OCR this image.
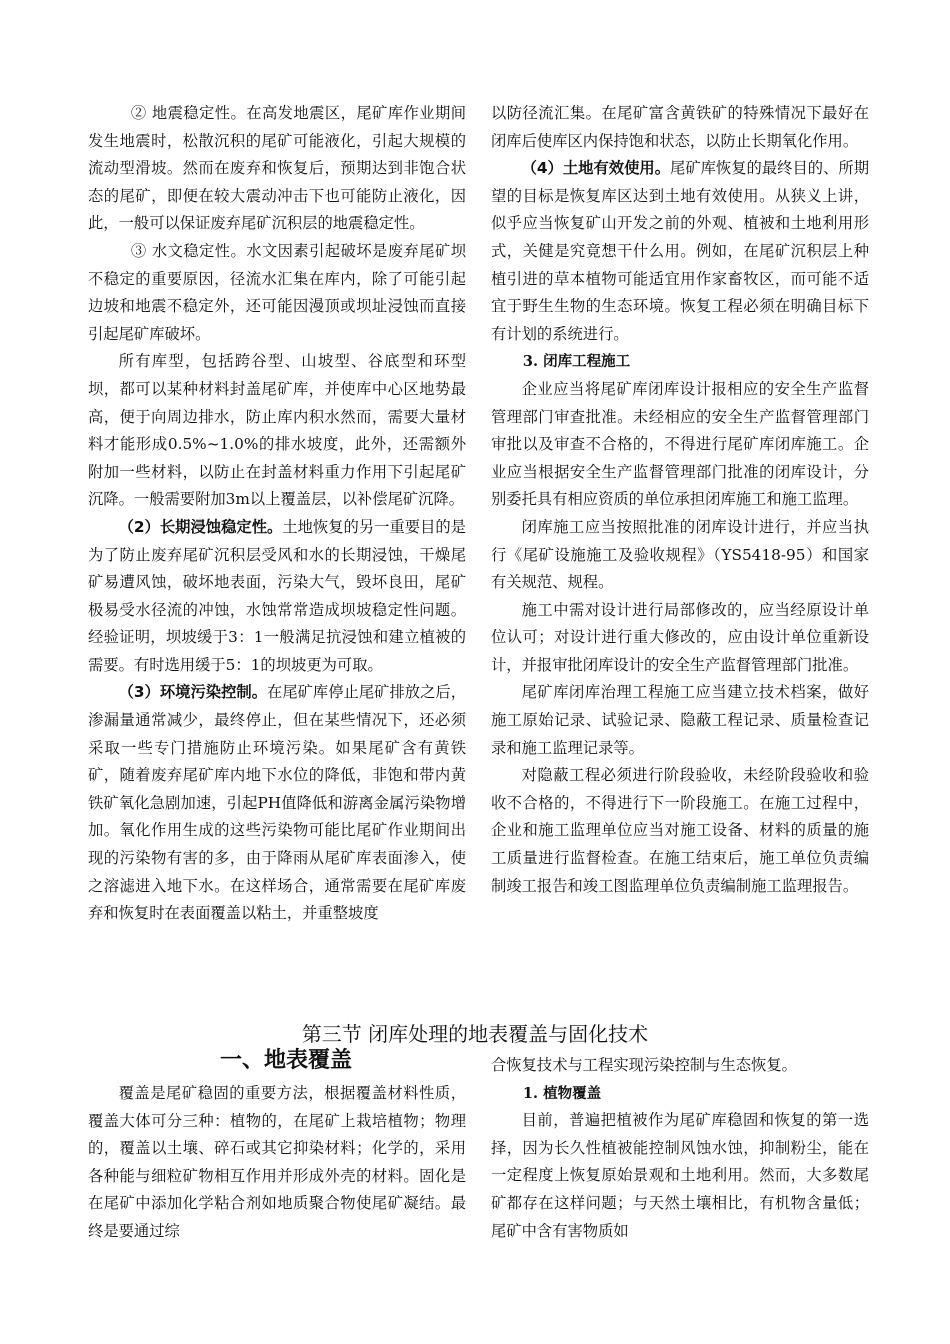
② 地震稳定性。在高发地震区，尾矿库作业期间发生地震时，松散沉积的尾矿可能液化，引起大规模的流动型滑坡。然而在废弃和恢复后，预期达到非饱合状态的尾矿，即便在较大震动冲击下也可能防止液化，因此，一般可以保证废弃尾矿沉积层的地震稳定性。

③ 水文稳定性。水文因素引起破坏是废弃尾矿坝不稳定的重要原因，径流水汇集在库内，除了可能引起边坡和地震不稳定外，还可能因漫顶或坝址浸蚀而直接引起尾矿库破坏。

所有库型，包括跨谷型、山坡型、谷底型和环型坝，都可以某种材料封盖尾矿库，并使库中心区地势最高，便于向周边排水，防止库内积水然而，需要大量材料才能形成0.5%~1.0%的排水坡度，此外，还需额外附加一些材料，以防止在封盖材料重力作用下引起尾矿沉降。一般需要附加3m以上覆盖层，以补偿尾矿沉降。

（2）长期浸蚀稳定性。土地恢复的另一重要目的是为了防止废弃尾矿沉积层受风和水的长期浸蚀，干燥尾矿易遭风蚀，破坏地表面，污染大气，毁坏良田，尾矿极易受水径流的冲蚀，水蚀常常造成坝坡稳定性问题。经验证明，坝坡缓于3：1一般满足抗浸蚀和建立植被的需要。有时选用缓于5：1的坝坡更为可取。

（3）环境污染控制。在尾矿库停止尾矿排放之后，渗漏量通常减少，最终停止，但在某些情况下，还必须采取一些专门措施防止环境污染。如果尾矿含有黄铁矿，随着废弃尾矿库内地下水位的降低，非饱和带内黄铁矿氧化急剧加速，引起PH值降低和游离金属污染物增加。氧化作用生成的这些污染物可能比尾矿作业期间出现的污染物有害的多，由于降雨从尾矿库表面渗入，使之溶滤进入地下水。在这样场合，通常需要在尾矿库废弃和恢复时在表面覆盖以粘土，并重整坡度

以防径流汇集。在尾矿富含黄铁矿的特殊情况下最好在闭库后使库区内保持饱和状态，以防止长期氧化作用。

（4）土地有效使用。尾矿库恢复的最终目的、所期望的目标是恢复库区达到土地有效使用。从狭义上讲，似乎应当恢复矿山开发之前的外观、植被和土地利用形式，关健是究竟想干什么用。例如，在尾矿沉积层上种植引进的草本植物可能适宜用作家畜牧区，而可能不适宜于野生生物的生态环境。恢复工程必须在明确目标下有计划的系统进行。

3. 闭库工程施工

企业应当将尾矿库闭库设计报相应的安全生产监督管理部门审查批准。未经相应的安全生产监督管理部门审批以及审查不合格的，不得进行尾矿库闭库施工。企业应当根据安全生产监督管理部门批准的闭库设计，分别委托具有相应资质的单位承担闭库施工和施工监理。

闭库施工应当按照批准的闭库设计进行，并应当执行《尾矿设施施工及验收规程》（YS5418-95）和国家有关规范、规程。

施工中需对设计进行局部修改的，应当经原设计单位认可；对设计进行重大修改的，应由设计单位重新设计，并报审批闭库设计的安全生产监督管理部门批准。

尾矿库闭库治理工程施工应当建立技术档案，做好施工原始记录、试验记录、隐蔽工程记录、质量检查记录和施工监理记录等。

对隐蔽工程必须进行阶段验收，未经阶段验收和验收不合格的，不得进行下一阶段施工。在施工过程中，企业和施工监理单位应当对施工设备、材料的质量的施工质量进行监督检查。在施工结束后，施工单位负责编制竣工报告和竣工图监理单位负责编制施工监理报告。

第三节 闭库处理的地表覆盖与固化技术

一、地表覆盖

覆盖是尾矿稳固的重要方法，根据覆盖材料性质，覆盖大体可分三种：植物的，在尾矿上栽培植物；物理的，覆盖以土壤、碎石或其它抑染材料；化学的，采用各种能与细粒矿物相互作用并形成外壳的材料。固化是在尾矿中添加化学粘合剂如地质聚合物使尾矿凝结。最终是要通过综

合恢复技术与工程实现污染控制与生态恢复。

1. 植物覆盖

目前，普遍把植被作为尾矿库稳固和恢复的第一选择，因为长久性植被能控制风蚀水蚀，抑制粉尘，能在一定程度上恢复原始景观和土地利用。然而，大多数尾矿都存在这样问题；与天然土壤相比，有机物含量低；尾矿中含有害物质如
